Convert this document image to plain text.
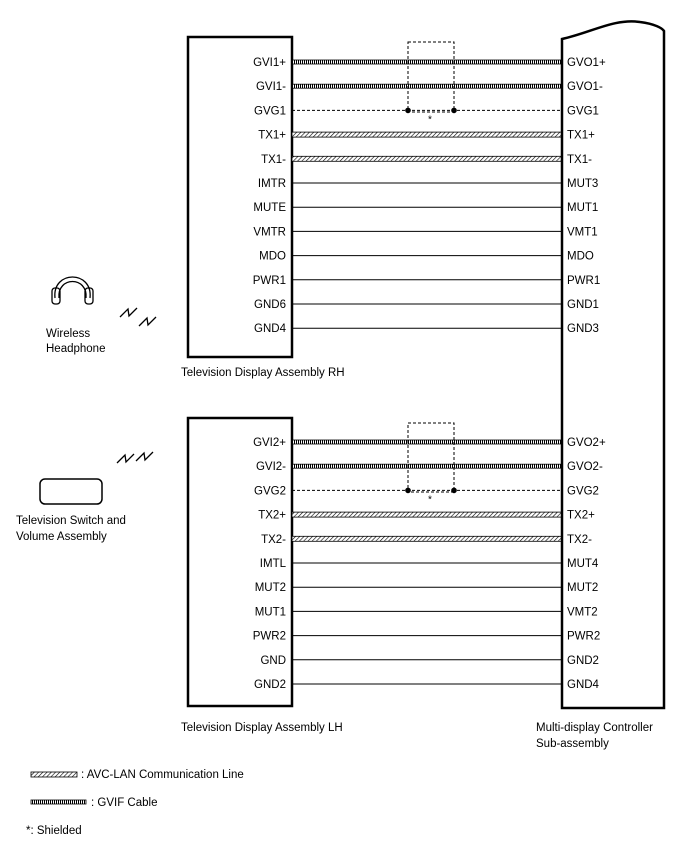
GVI1+
GVI1-
GVG1
TX1+
TX1-
IMTR
MUTE
VMTR
MDO
PWR1
GND6
GND4
*
GVO1+
GVO1-
GVG1
TX1+
TX1-
MUT3
MUT1
VMT1
MDO
PWR1
GND1
GND3
Television Display Assembly RH
GVI2+
GVI2-
GVG2
TX2+
TX2-
IMTL
MUT2
MUT1
PWR2
GND
GND2
*
GVO2+
GVO2-
GVG2
TX2+
TX2-
MUT4
MUT2
VMT2
PWR2
GND2
GND4
Television Display Assembly LH	Multi-display Controller
Sub-assembly
Wireless
Headphone
Television Switch and
Volume Assembly
: AVC-LAN Communication Line
: GVIF Cable
*: Shielded
